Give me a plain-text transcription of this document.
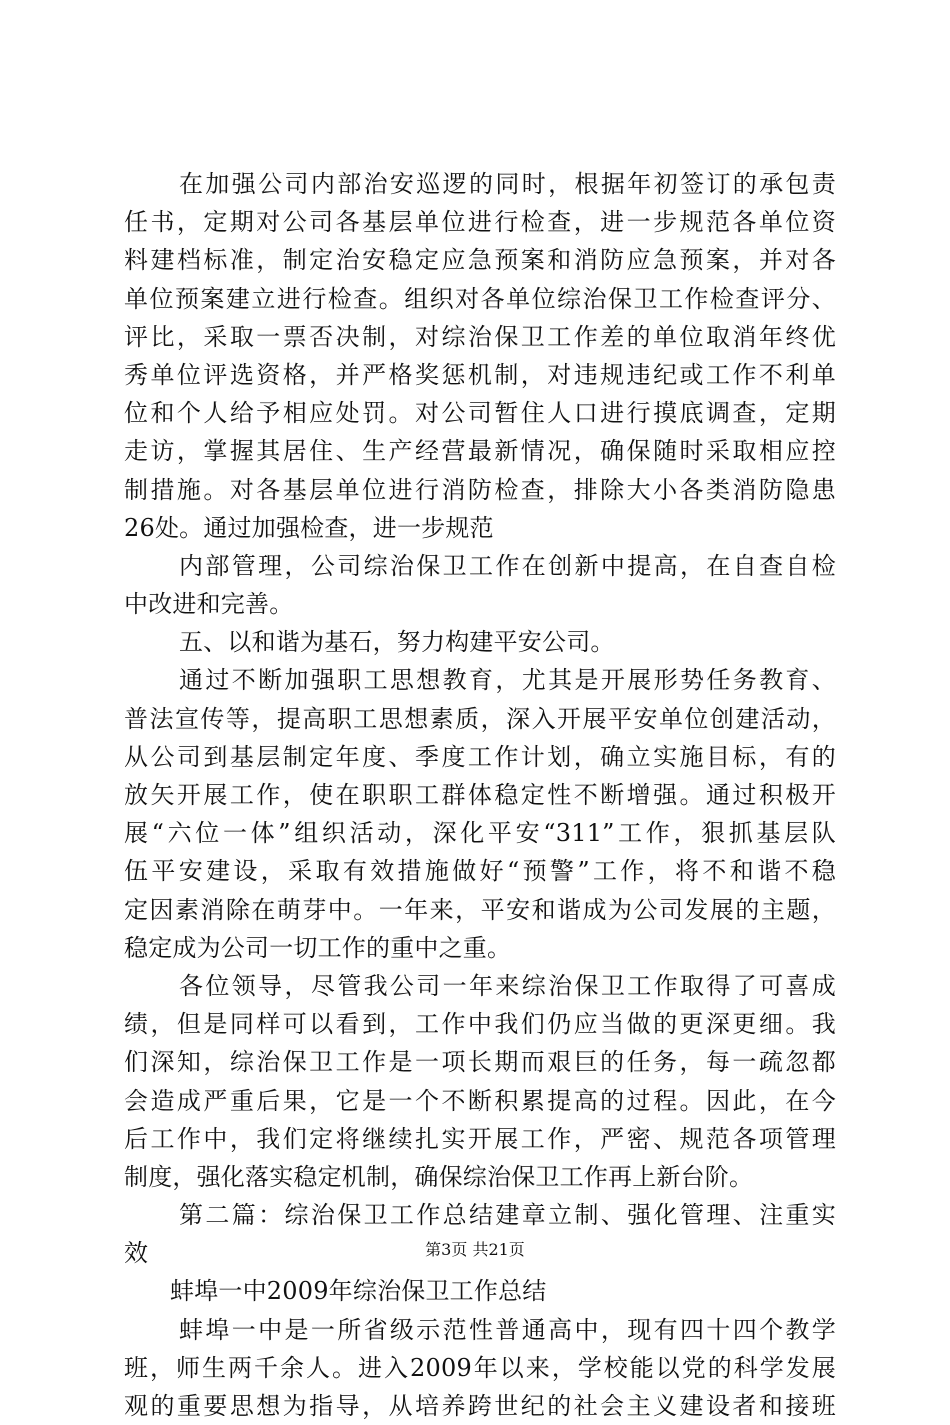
在加强公司内部治安巡逻的同时，根据年初签订的承包责
任书，定期对公司各基层单位进行检查，进一步规范各单位资
料建档标准，制定治安稳定应急预案和消防应急预案，并对各
单位预案建立进行检查。组织对各单位综治保卫工作检查评分、
评比，采取一票否决制，对综治保卫工作差的单位取消年终优
秀单位评选资格，并严格奖惩机制，对违规违纪或工作不利单
位和个人给予相应处罚。对公司暂住人口进行摸底调查，定期
走访，掌握其居住、生产经营最新情况，确保随时采取相应控
制措施。对各基层单位进行消防检查，排除大小各类消防隐患
26处。通过加强检查，进一步规范
内部管理，公司综治保卫工作在创新中提高，在自查自检
中改进和完善。
五、以和谐为基石，努力构建平安公司。
通过不断加强职工思想教育，尤其是开展形势任务教育、
普法宣传等，提高职工思想素质，深入开展平安单位创建活动，
从公司到基层制定年度、季度工作计划，确立实施目标，有的
放矢开展工作，使在职职工群体稳定性不断增强。通过积极开
展“六位一体”组织活动，深化平安“311”工作，狠抓基层队
伍平安建设，采取有效措施做好“预警”工作，将不和谐不稳
定因素消除在萌芽中。一年来，平安和谐成为公司发展的主题，
稳定成为公司一切工作的重中之重。
各位领导，尽管我公司一年来综治保卫工作取得了可喜成
绩，但是同样可以看到，工作中我们仍应当做的更深更细。我
们深知，综治保卫工作是一项长期而艰巨的任务，每一疏忽都
会造成严重后果，它是一个不断积累提高的过程。因此，在今
后工作中，我们定将继续扎实开展工作，严密、规范各项管理
制度，强化落实稳定机制，确保综治保卫工作再上新台阶。
第二篇：综治保卫工作总结建章立制、强化管理、注重实
效
蚌埠一中2009年综治保卫工作总结
蚌埠一中是一所省级示范性普通高中，现有四十四个教学
班，师生两千余人。进入2009年以来，学校能以党的科学发展
观的重要思想为指导，从培养跨世纪的社会主义建设者和接班
第3页 共21页
